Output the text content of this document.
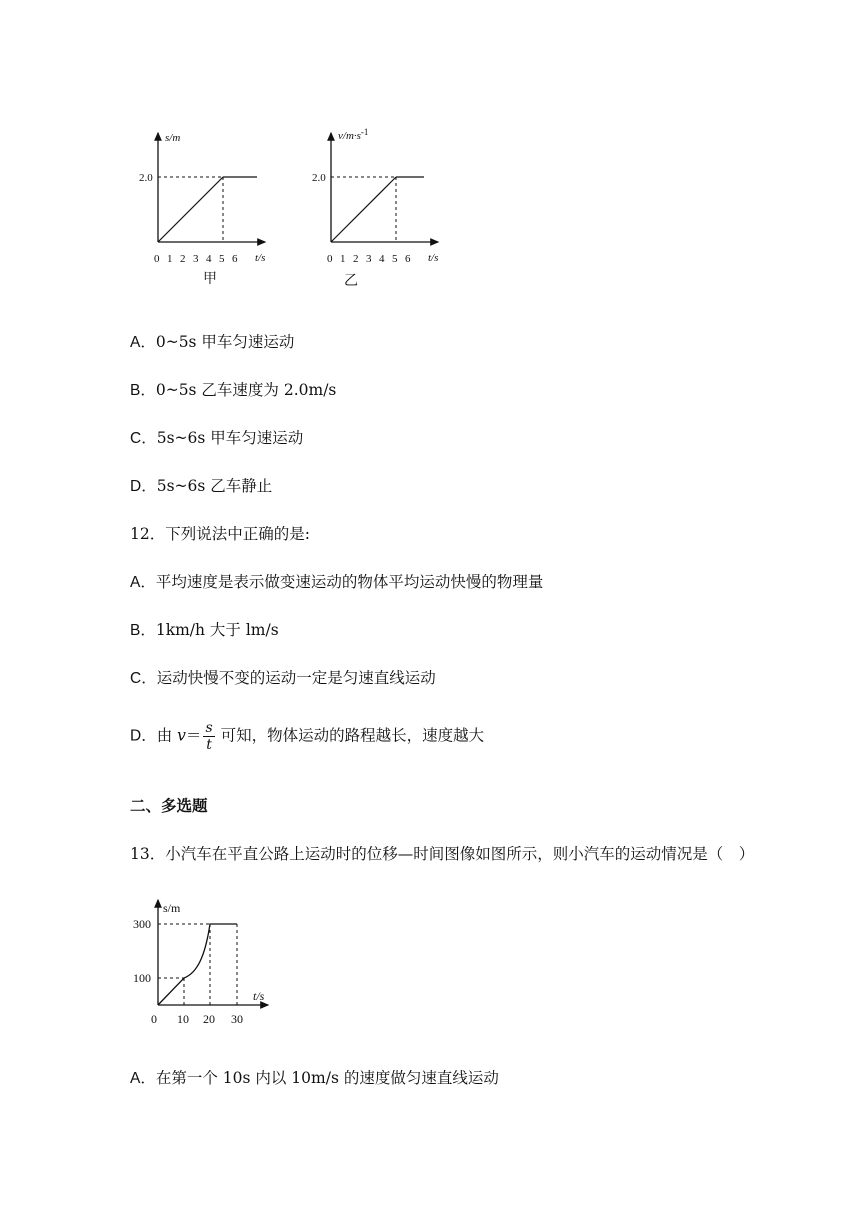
s/m
2.0
t/s
0 1 2 3 4 5 6
甲
$v/m\cdot s^{-1}$
2.0
t/s
0 1 2 3 4 5 6
乙
A．0~5s 甲车匀速运动
B．0~5s 乙车速度为 2.0m/s
C．5s~6s 甲车匀速运动
D．5s~6s 乙车静止
12．下列说法中正确的是:
A．平均速度是表示做变速运动的物体平均运动快慢的物理量
B．1km/h 大于 lm/s
C．运动快慢不变的运动一定是匀速直线运动
D．由 $v= \frac{s}{t}$ 可知，物体运动的路程越长，速度越大
二、多选题
13．小汽车在平直公路上运动时的位移—时间图像如图所示，则小汽车的运动情况是（　）
s/m
t/s
300
100
0 10 20 30
A．在第一个 10s 内以 10m/s 的速度做匀速直线运动
